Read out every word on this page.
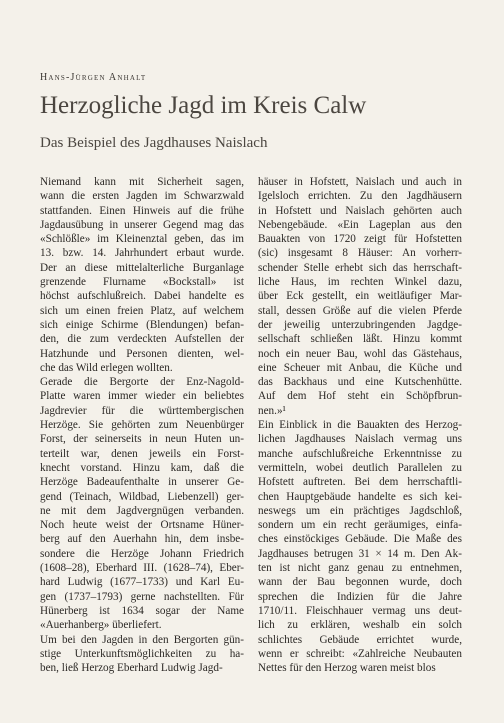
Hans-Jürgen Anhalt
Herzogliche Jagd im Kreis Calw
Das Beispiel des Jagdhauses Naislach
Niemand kann mit Sicherheit sagen,
wann die ersten Jagden im Schwarzwald
stattfanden. Einen Hinweis auf die frühe
Jagdausübung in unserer Gegend mag das
«Schlößle» im Kleinenztal geben, das im
13. bzw. 14. Jahrhundert erbaut wurde.
Der an diese mittelalterliche Burganlage
grenzende Flurname «Bockstall» ist
höchst aufschlußreich. Dabei handelte es
sich um einen freien Platz, auf welchem
sich einige Schirme (Blendungen) befan-
den, die zum verdeckten Aufstellen der
Hatzhunde und Personen dienten, wel-
che das Wild erlegen wollten.
Gerade die Bergorte der Enz-Nagold-
Platte waren immer wieder ein beliebtes
Jagdrevier für die württembergischen
Herzöge. Sie gehörten zum Neuenbürger
Forst, der seinerseits in neun Huten un-
terteilt war, denen jeweils ein Forst-
knecht vorstand. Hinzu kam, daß die
Herzöge Badeaufenthalte in unserer Ge-
gend (Teinach, Wildbad, Liebenzell) ger-
ne mit dem Jagdvergnügen verbanden.
Noch heute weist der Ortsname Hüner-
berg auf den Auerhahn hin, dem insbe-
sondere die Herzöge Johann Friedrich
(1608–28), Eberhard III. (1628–74), Eber-
hard Ludwig (1677–1733) und Karl Eu-
gen (1737–1793) gerne nachstellten. Für
Hünerberg ist 1634 sogar der Name
«Auerhanberg» überliefert.
Um bei den Jagden in den Bergorten gün-
stige Unterkunftsmöglichkeiten zu ha-
ben, ließ Herzog Eberhard Ludwig Jagd-
häuser in Hofstett, Naislach und auch in
Igelsloch errichten. Zu den Jagdhäusern
in Hofstett und Naislach gehörten auch
Nebengebäude. «Ein Lageplan aus den
Bauakten von 1720 zeigt für Hofstetten
(sic) insgesamt 8 Häuser: An vorherr-
schender Stelle erhebt sich das herrschaft-
liche Haus, im rechten Winkel dazu,
über Eck gestellt, ein weitläufiger Mar-
stall, dessen Größe auf die vielen Pferde
der jeweilig unterzubringenden Jagdge-
sellschaft schließen läßt. Hinzu kommt
noch ein neuer Bau, wohl das Gästehaus,
eine Scheuer mit Anbau, die Küche und
das Backhaus und eine Kutschenhütte.
Auf dem Hof steht ein Schöpfbrun-
nen.»¹
Ein Einblick in die Bauakten des Herzog-
lichen Jagdhauses Naislach vermag uns
manche aufschlußreiche Erkenntnisse zu
vermitteln, wobei deutlich Parallelen zu
Hofstett auftreten. Bei dem herrschaftli-
chen Hauptgebäude handelte es sich kei-
neswegs um ein prächtiges Jagdschloß,
sondern um ein recht geräumiges, einfa-
ches einstöckiges Gebäude. Die Maße des
Jagdhauses betrugen 31 × 14 m. Den Ak-
ten ist nicht ganz genau zu entnehmen,
wann der Bau begonnen wurde, doch
sprechen die Indizien für die Jahre
1710/11. Fleischhauer vermag uns deut-
lich zu erklären, weshalb ein solch
schlichtes Gebäude errichtet wurde,
wenn er schreibt: «Zahlreiche Neubauten
Nettes für den Herzog waren meist blos
